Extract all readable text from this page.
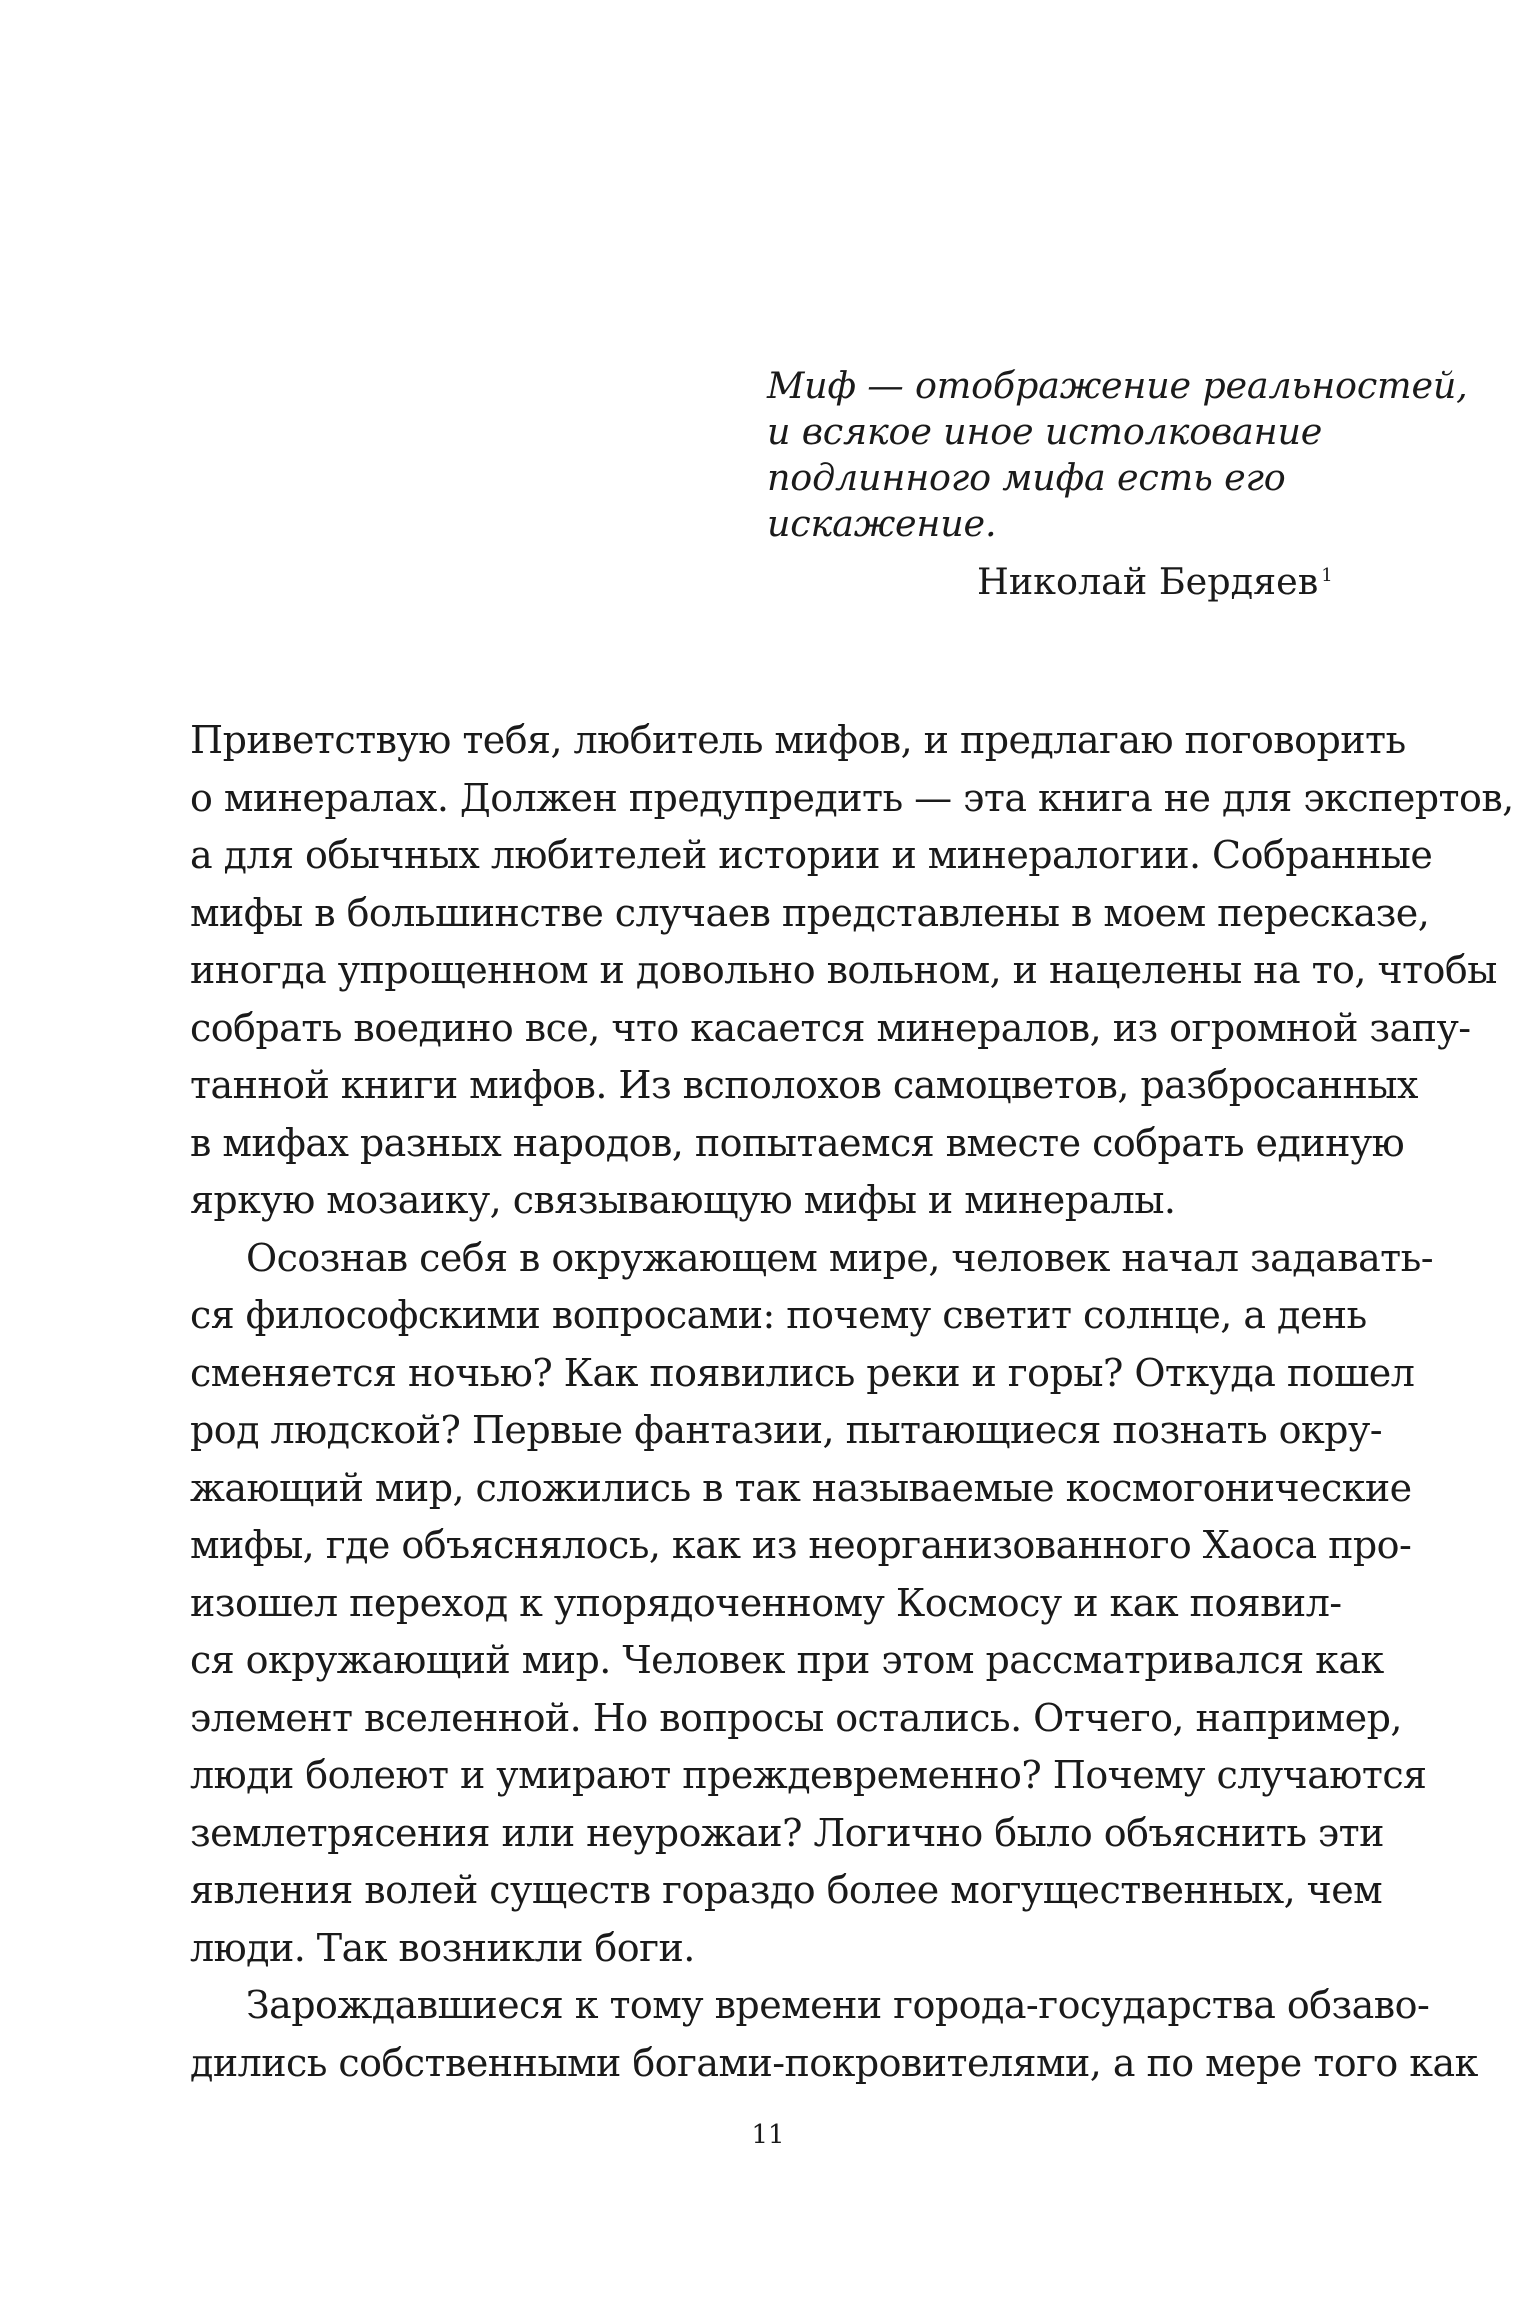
Миф — отображение реальностей,
и всякое иное истолкование
подлинного мифа есть его
искажение.
Николай Бердяев $^1$
Приветствую тебя, любитель мифов, и предлагаю поговорить
о минералах. Должен предупредить — эта книга не для экспертов,
а для обычных любителей истории и минералогии. Собранные
мифы в большинстве случаев представлены в моем пересказе,
иногда упрощенном и довольно вольном, и нацелены на то, чтобы
собрать воедино все, что касается минералов, из огромной запу-
танной книги мифов. Из всполохов самоцветов, разбросанных
в мифах разных народов, попытаемся вместе собрать единую
яркую мозаику, связывающую мифы и минералы.
Осознав себя в окружающем мире, человек начал задавать-
ся философскими вопросами: почему светит солнце, а день
сменяется ночью? Как появились реки и горы? Откуда пошел
род людской? Первые фантазии, пытающиеся познать окру-
жающий мир, сложились в так называемые космогонические
мифы, где объяснялось, как из неорганизованного Хаоса про-
изошел переход к упорядоченному Космосу и как появил-
ся окружающий мир. Человек при этом рассматривался как
элемент вселенной. Но вопросы остались. Отчего, например,
люди болеют и умирают преждевременно? Почему случаются
землетрясения или неурожаи? Логично было объяснить эти
явления волей существ гораздо более могущественных, чем
люди. Так возникли боги.
Зарождавшиеся к тому времени города-государства обзаво-
дились собственными богами-покровителями, а по мере того как
11
